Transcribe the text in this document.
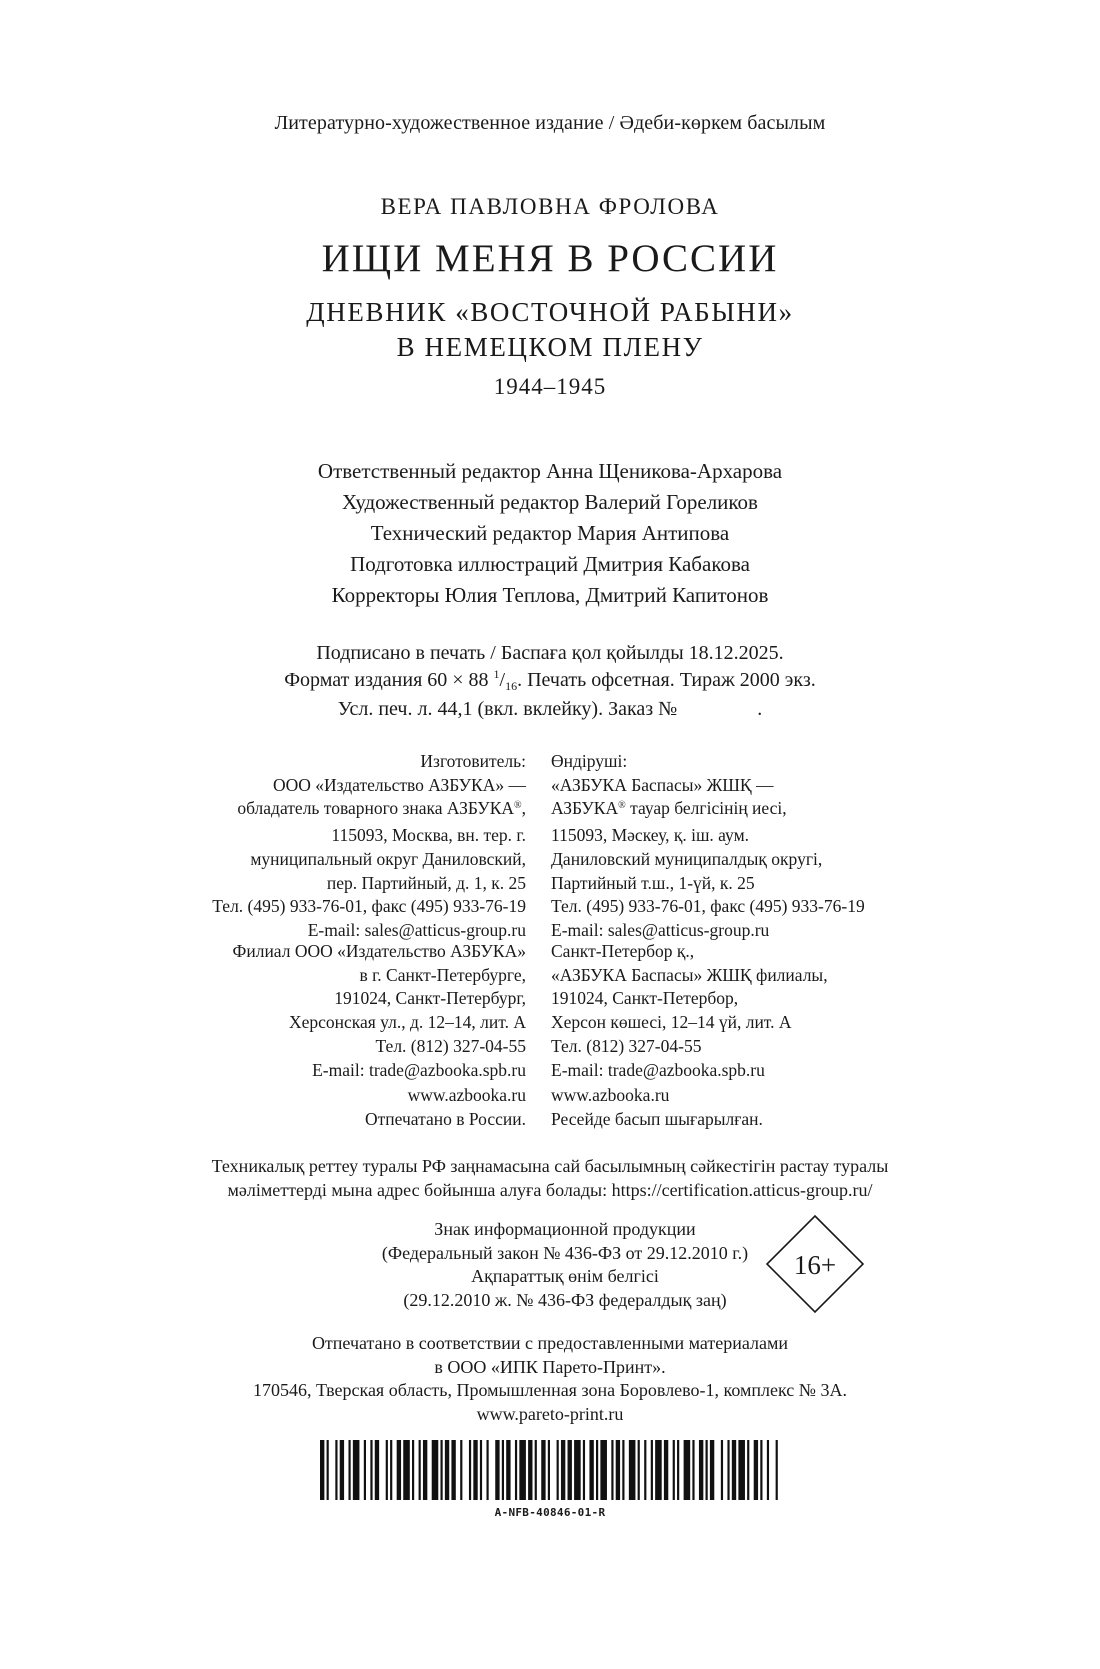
Литературно-художественное издание / Әдеби-көркем басылым
ВЕРА ПАВЛОВНА ФРОЛОВА
ИЩИ МЕНЯ В РОССИИ
ДНЕВНИК «ВОСТОЧНОЙ РАБЫНИ»
В НЕМЕЦКОМ ПЛЕНУ
1944–1945
Ответственный редактор Анна Щеникова-Архарова
Художественный редактор Валерий Гореликов
Технический редактор Мария Антипова
Подготовка иллюстраций Дмитрия Кабакова
Корректоры Юлия Теплова, Дмитрий Капитонов
Подписано в печать / Баспаға қол қойылды 18.12.2025.
Формат издания 60 × 88 $^1/_{16}$. Печать офсетная. Тираж 2000 экз.
Усл. печ. л. 44,1 (вкл. вклейку). Заказ №	.
Изготовитель:
ООО «Издательство АЗБУКА» —
обладатель товарного знака АЗБУКА®,
115093, Москва, вн. тер. г.
муниципальный округ Даниловский,
пер. Партийный, д. 1, к. 25
Тел. (495) 933-76-01, факс (495) 933-76-19
E-mail: sales@atticus-group.ru
Өндіруші:
«АЗБУКА Баспасы» ЖШҚ —
АЗБУКА® тауар белгісінің иесі,
115093, Мәскеу, қ. іш. аум.
Даниловский муниципалдық округі,
Партийный т.ш., 1-үй, к. 25
Тел. (495) 933-76-01, факс (495) 933-76-19
E-mail: sales@atticus-group.ru
Филиал ООО «Издательство АЗБУКА»
в г. Санкт-Петербурге,
191024, Санкт-Петербург,
Херсонская ул., д. 12–14, лит. А
Тел. (812) 327-04-55
E-mail: trade@azbooka.spb.ru
Санкт-Петербор қ.,
«АЗБУКА Баспасы» ЖШҚ филиалы,
191024, Санкт-Петербор,
Херсон көшесі, 12–14 үй, лит. А
Тел. (812) 327-04-55
E-mail: trade@azbooka.spb.ru
www.azbooka.ru
Отпечатано в России.
www.azbooka.ru
Ресейде басып шығарылған.
Техникалық реттеу туралы РФ заңнамасына сай басылымның сәйкестігін растау туралы
мәліметтерді мына адрес бойынша алуға болады: https://certification.atticus-group.ru/
Знак информационной продукции
(Федеральный закон № 436-ФЗ от 29.12.2010 г.)
Ақпараттық өнім белгісі
(29.12.2010 ж. № 436-ФЗ федералдық заң)
16+
Отпечатано в соответствии с предоставленными материалами
в ООО «ИПК Парето-Принт».
170546, Тверская область, Промышленная зона Боровлево-1, комплекс № 3А.
www.pareto-print.ru
A-NFB-40846-01-R
